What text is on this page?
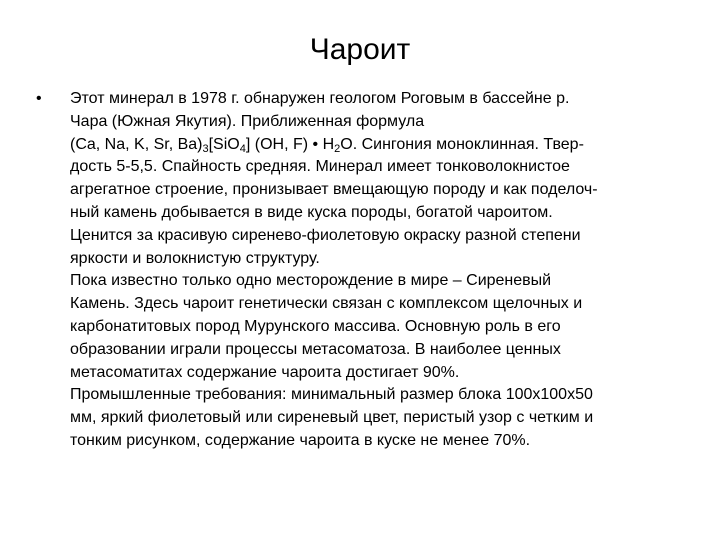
Чароит
• Этот минерал в 1978 г. обнаружен геологом Роговым в бассейне р.
Чара (Южная Якутия). Приближенная формула
(Ca, Na, K, Sr, $Ba)_3[SiO_4]$ (OH, F) • $H_2O$. Сингония моноклинная. Твер-
дость 5-5,5. Спайность средняя. Минерал имеет тонковолокнистое
агрегатное строение, пронизывает вмещающую породу и как поделоч-
ный камень добывается в виде куска породы, богатой чароитом.
Ценится за красивую сиренево-фиолетовую окраску разной степени
яркости и волокнистую структуру.
Пока известно только одно месторождение в мире – Сиреневый
Камень. Здесь чароит генетически связан с комплексом щелочных и
карбонатитовых пород Мурунского массива. Основную роль в его
образовании играли процессы метасоматоза. В наиболее ценных
метасоматитах содержание чароита достигает 90%.
Промышленные требования: минимальный размер блока 100х100х50
мм, яркий фиолетовый или сиреневый цвет, перистый узор с четким и
тонким рисунком, содержание чароита в куске не менее 70%.
